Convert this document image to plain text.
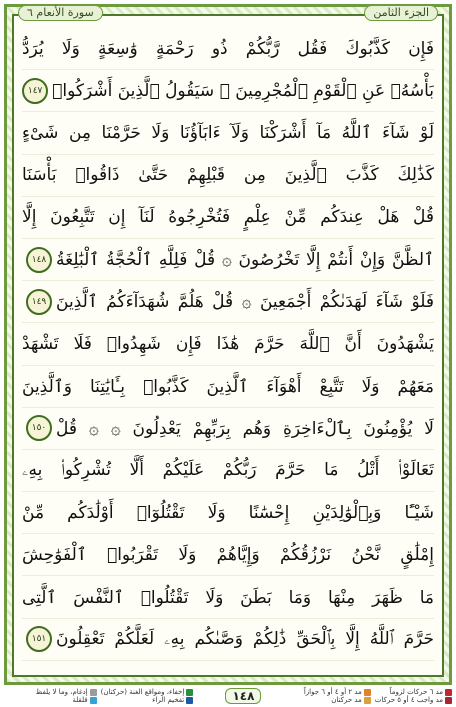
سورة الأنعام ٦	الجزء الثامن
فَإِن كَذَّبُوكَ فَقُل رَّبُّكُمْ ذُو رَحْمَةٍ وَٰسِعَةٍ وَلَا يُرَدُّ
بَأْسُهُۥ عَنِ ٱلْقَوْمِ ٱلْمُجْرِمِينَ ۞ سَيَقُولُ ٱلَّذِينَ أَشْرَكُوا۟
١٤٧
لَوْ شَآءَ ٱللَّهُ مَآ أَشْرَكْنَا وَلَآ ءَابَآؤُنَا وَلَا حَرَّمْنَا مِن شَىْءٍ
كَذَٰلِكَ كَذَّبَ ٱلَّذِينَ مِن قَبْلِهِمْ حَتَّىٰ ذَاقُوا۟ بَأْسَنَا
قُلْ هَلْ عِندَكُم مِّنْ عِلْمٍ فَتُخْرِجُوهُ لَنَآ إِن تَتَّبِعُونَ إِلَّا
ٱلظَّنَّ وَإِنْ أَنتُمْ إِلَّا تَخْرُصُونَ ۞ قُلْ فَلِلَّهِ ٱلْحُجَّةُ ٱلْبَٰلِغَةُ
١٤٨
فَلَوْ شَآءَ لَهَدَىٰكُمْ أَجْمَعِينَ ۞ قُلْ هَلُمَّ شُهَدَآءَكُمُ ٱلَّذِينَ
١٤٩
يَشْهَدُونَ أَنَّ ٱللَّهَ حَرَّمَ هَٰذَا فَإِن شَهِدُوا۟ فَلَا تَشْهَدْ
مَعَهُمْ وَلَا تَتَّبِعْ أَهْوَآءَ ٱلَّذِينَ كَذَّبُوا۟ بِـَٔايَٰتِنَا وَٱلَّذِينَ
لَا يُؤْمِنُونَ بِٱلْءَاخِرَةِ وَهُم بِرَبِّهِمْ يَعْدِلُونَ ۞ ۞ قُلْ
١٥٠
تَعَالَوْا۟ أَتْلُ مَا حَرَّمَ رَبُّكُمْ عَلَيْكُمْ أَلَّا تُشْرِكُوا۟ بِهِۦ
شَيْـًٔا وَبِٱلْوَٰلِدَيْنِ إِحْسَٰنًا وَلَا تَقْتُلُوٓا۟ أَوْلَٰدَكُم مِّنْ
إِمْلَٰقٍ نَّحْنُ نَرْزُقُكُمْ وَإِيَّاهُمْ وَلَا تَقْرَبُوا۟ ٱلْفَوَٰحِشَ
مَا ظَهَرَ مِنْهَا وَمَا بَطَنَ وَلَا تَقْتُلُوا۟ ٱلنَّفْسَ ٱلَّتِى
حَرَّمَ ٱللَّهُ إِلَّا بِٱلْحَقِّ ذَٰلِكُمْ وَصَّىٰكُم بِهِۦ لَعَلَّكُمْ تَعْقِلُونَ
١٥١
مد ٦ حركات لزوماً
مد ٢ أو ٤ أو ٦ جوازاً
مد واجب ٤ أو ٥ حركات
مد حركتان
١٤٨
إخفاء، ومواقع الغنة (حركتان)
إدغام، وما لا يلفظ
تفخيم الراء
قلقلة
